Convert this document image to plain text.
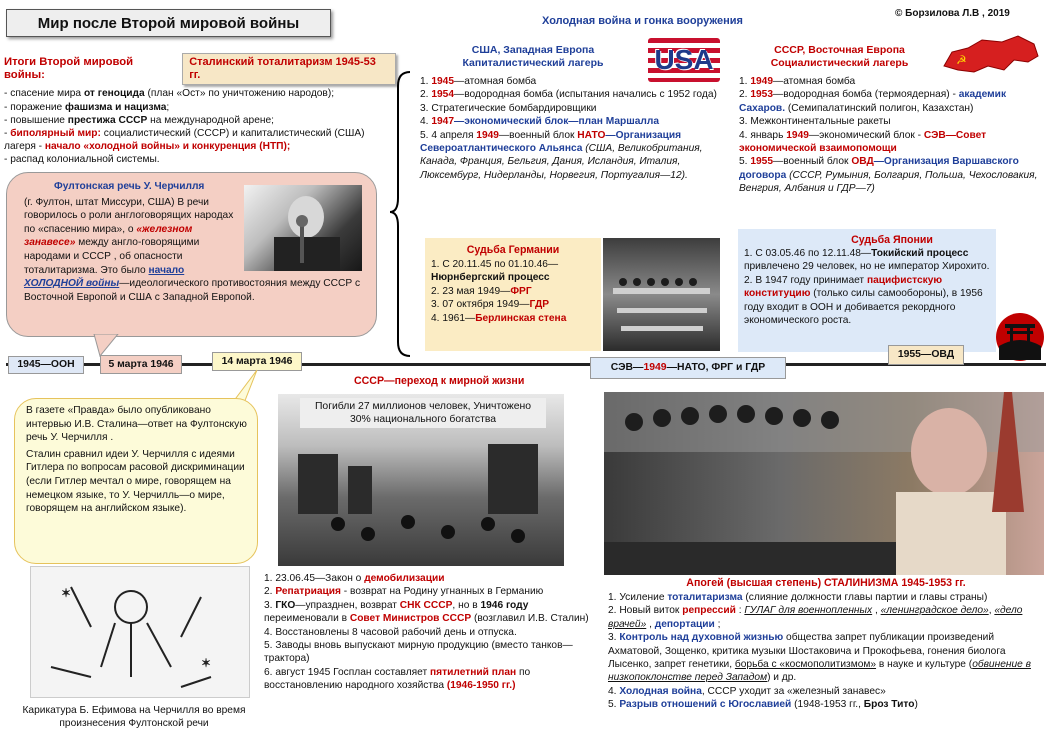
Мир после Второй мировой войны	Холодная война и гонка вооружения
© Борзилова Л.В , 2019
Итоги Второй мировой войны:
Сталинский тоталитаризм 1945-53 гг.
- спасение мира от геноцида (план «Ост» по уничтожению народов);
- поражение фашизма и нацизма;
- повышение престижа СССР на международной арене;
- биполярный мир: социалистический (СССР) и капиталистический (США) лагеря - начало «холодной войны» и конкуренция (НТП);
- распад колониальной системы.
Фултонская речь У. Черчилля
(г. Фултон, штат Миссури, США) В речи говорилось о роли англоговорящих народах по «спасению мира», о «железном занавесе» между англо-говорящими народами и СССР , об опасности тоталитаризма. Это было начало
ХОЛОДНОЙ войны—идеологического противостояния между СССР с Восточной Европой и США с Западной Европой.
США, Западная Европа
Капиталистический лагерь USA
1. 1945—атомная бомба
2. 1954—водородная бомба (испытания начались с 1952 года)
3. Стратегические бомбардировщики
4. 1947—экономический блок—план Маршалла
5. 4 апреля 1949—военный блок НАТО—Организация Североатлантического Альянса (США, Великобритания, Канада, Франция, Бельгия, Дания, Исландия, Италия, Люксембург, Нидерланды, Норвегия, Португалия—12).
СССР, Восточная Европа
Социалистический лагерь	☭
1. 1949—атомная бомба
2. 1953—водородная бомба (термоядерная) - академик Сахаров. (Семипалатинский полигон, Казахстан)
3. Межконтинентальные ракеты
4. январь 1949—экономический блок - СЭВ—Совет экономической взаимопомощи
5. 1955—военный блок ОВД—Организация Варшавского договора (СССР, Румыния, Болгария, Польша, Чехословакия, Венгрия, Албания и ГДР—7)
Судьба Германии
1. С 20.11.45 по 01.10.46—Нюрнбергский процесс
2. 23 мая 1949—ФРГ
3. 07 октября 1949—ГДР
4. 1961—Берлинская стена
Судьба Японии
1. С 03.05.46 по 12.11.48—Токийский процесс привлечено 29 человек, но не император Хирохито.
2. В 1947 году принимает пацифистскую конституцию (только силы самообороны), в 1956 году входит в ООН и добивается рекордного экономического роста.
1945—ООН	5 марта 1946	14 марта 1946
СЭВ—1949—НАТО, ФРГ и ГДР
1955—ОВД
В газете «Правда» было опубликовано интервью И.В. Сталина—ответ на Фултонскую речь У. Черчилля .
Сталин сравнил идеи У. Черчилля с идеями Гитлера по вопросам расовой дискриминации (если Гитлер мечтал о мире, говорящем на немецком языке, то У. Черчилль—о мире, говорящем на английском языке).
✶
✶
Карикатура Б. Ефимова на Черчилля во время произнесения Фултонской речи
СССР—переход к мирной жизни
Погибли 27 миллионов человек, Уничтожено 30% национального богатства
1. 23.06.45—Закон о демобилизации
2. Репатриация - возврат на Родину угнанных в Германию
3. ГКО—упразднен, возврат СНК СССР, но в 1946 году переименовали в Совет Министров СССР (возглавил И.В. Сталин)
4. Восстановлены 8 часовой рабочий день и отпуска.
5. Заводы вновь выпускают мирную продукцию (вместо танков—трактора)
6. август 1945 Госплан составляет пятилетний план по восстановлению народного хозяйства (1946-1950 гг.)
Апогей (высшая степень) СТАЛИНИЗМА 1945-1953 гг.
1. Усиление тоталитаризма (слияние должности главы партии и главы страны)
2. Новый виток репрессий : ГУЛАГ для военнопленных , «ленинградское дело», «дело врачей» , депортации ;
3. Контроль над духовной жизнью общества запрет публикации произведений Ахматовой, Зощенко, критика музыки Шостаковича и Прокофьева, гонения биолога Лысенко, запрет генетики, борьба с «космополитизмом» в науке и культуре (обвинение в низкопоклонстве перед Западом) и др.
4. Холодная война, СССР уходит за «железный занавес»
5. Разрыв отношений с Югославией (1948-1953 гг., Броз Тито)
